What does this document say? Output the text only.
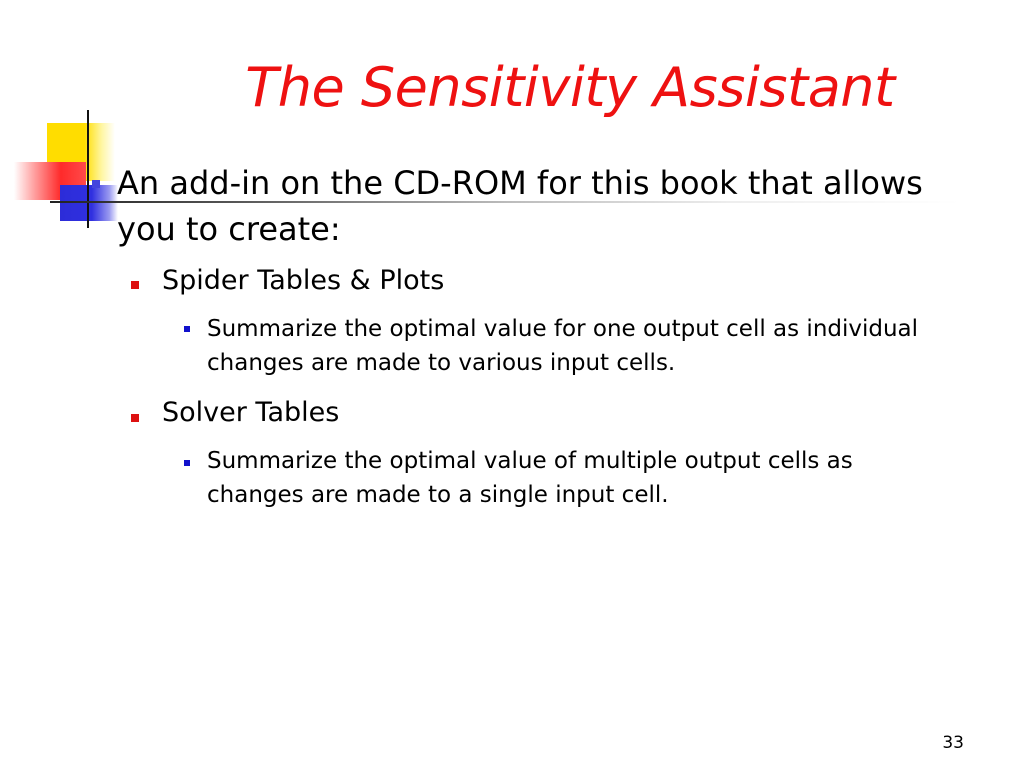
The Sensitivity Assistant
An add-in on the CD-ROM for this book that allows you to create:
Spider Tables & Plots
Summarize the optimal value for one output cell as individual changes are made to various input cells.
Solver Tables
Summarize the optimal value of multiple output cells as changes are made to a single input cell.
33
